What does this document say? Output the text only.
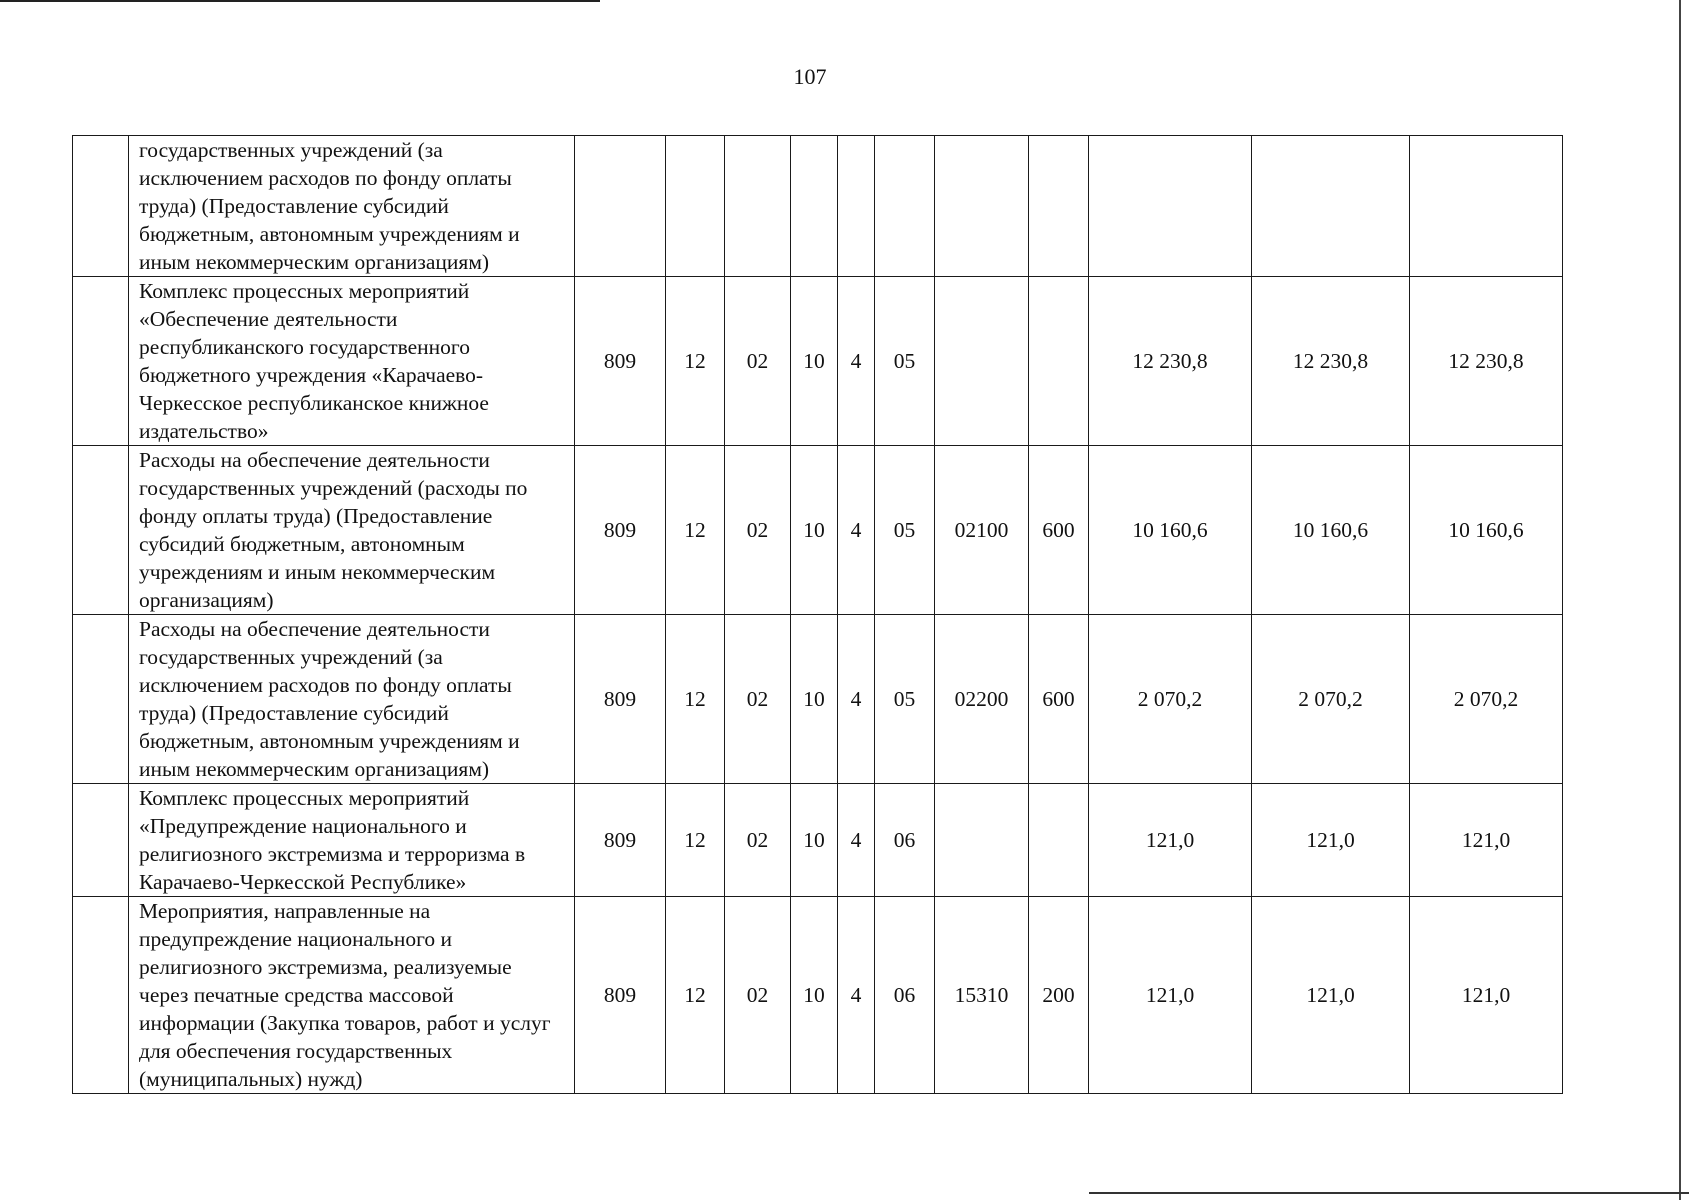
107
	государственных учреждений (за исключением расходов по фонду оплаты труда) (Предоставление субсидий бюджетным, автономным учреждениям и иным некоммерческим организациям)											
	Комплекс процессных мероприятий «Обеспечение деятельности республиканского государственного бюджетного учреждения «Карачаево-Черкесское республиканское книжное издательство»	809	12	02	10	4	05			12 230,8	12 230,8	12 230,8
	Расходы на обеспечение деятельности государственных учреждений (расходы по фонду оплаты труда) (Предоставление субсидий бюджетным, автономным учреждениям и иным некоммерческим организациям)	809	12	02	10	4	05	02100	600	10 160,6	10 160,6	10 160,6
	Расходы на обеспечение деятельности государственных учреждений (за исключением расходов по фонду оплаты труда) (Предоставление субсидий бюджетным, автономным учреждениям и иным некоммерческим организациям)	809	12	02	10	4	05	02200	600	2 070,2	2 070,2	2 070,2
	Комплекс процессных мероприятий «Предупреждение национального и религиозного экстремизма и терроризма в Карачаево-Черкесской Республике»	809	12	02	10	4	06			121,0	121,0	121,0
	Мероприятия, направленные на предупреждение национального и религиозного экстремизма, реализуемые через печатные средства массовой информации (Закупка товаров, работ и услуг для обеспечения государственных (муниципальных) нужд)	809	12	02	10	4	06	15310	200	121,0	121,0	121,0
